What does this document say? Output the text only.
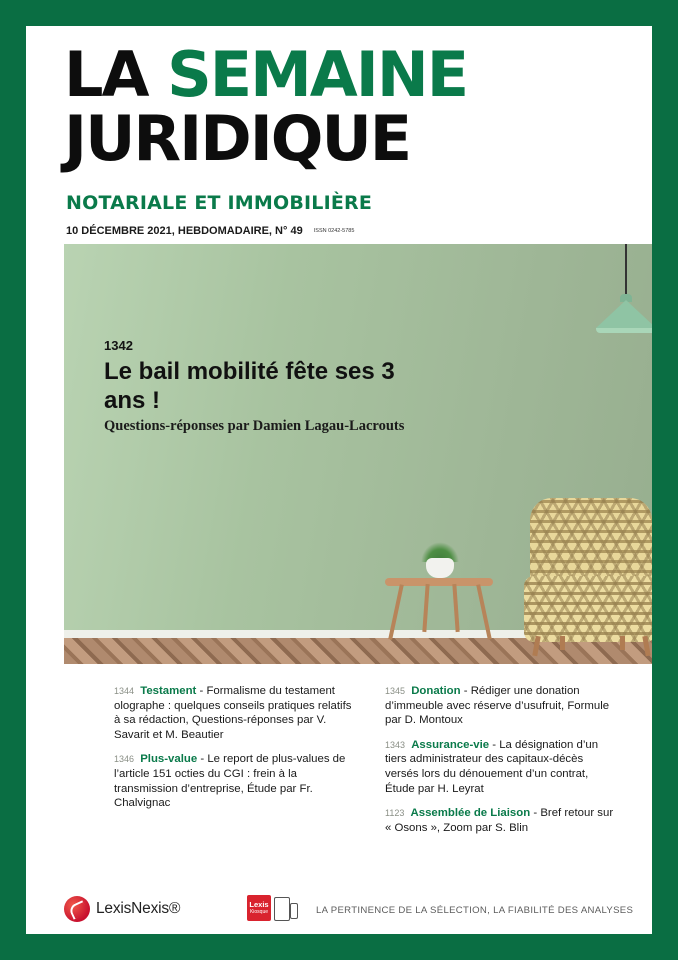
LA SEMAINE
JURIDIQUE
NOTARIALE ET IMMOBILIÈRE
10 DÉCEMBRE 2021, HEBDOMADAIRE, N° 49 ISSN 0242-5785
1342
Le bail mobilité fête ses 3 ans !
Questions-réponses par Damien Lagau-Lacrouts
1344 Testament - Formalisme du testament olographe : quelques conseils pratiques relatifs à sa rédaction, Questions-réponses par V. Savarit et M. Beautier
1346 Plus-value - Le report de plus-values de l’article 151 octies du CGI : frein à la transmission d’entreprise, Étude par Fr. Chalvignac
1345 Donation - Rédiger une donation d’immeuble avec réserve d’usufruit, Formule par D. Montoux
1343 Assurance-vie - La désignation d’un tiers administrateur des capitaux-décès versés lors du dénouement d’un contrat, Étude par H. Leyrat
1123 Assemblée de Liaison - Bref retour sur « Osons », Zoom par S. Blin
LexisNexis®	Lexis
Kiosque	LA PERTINENCE DE LA SÉLECTION, LA FIABILITÉ DES ANALYSES
